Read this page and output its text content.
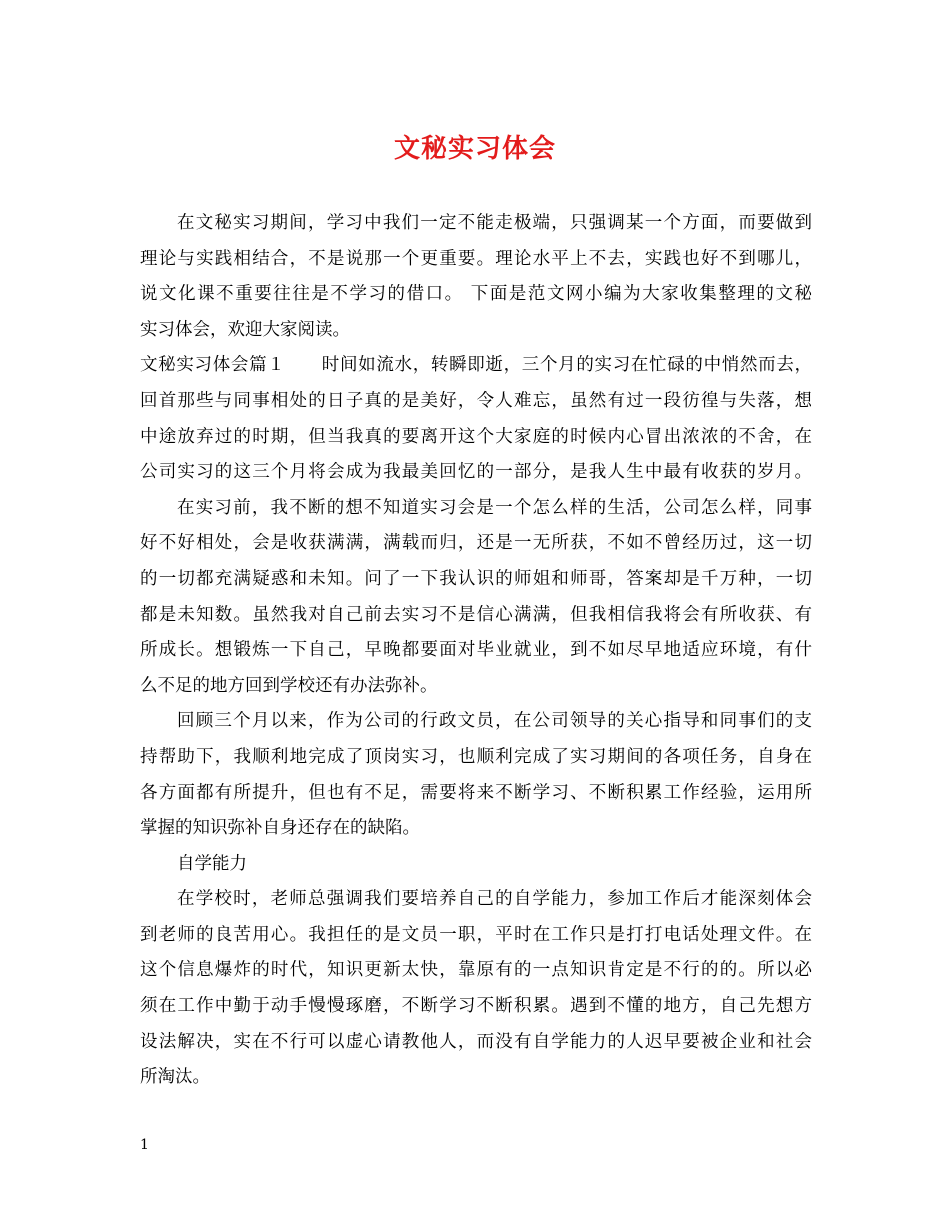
文秘实习体会
在文秘实习期间，学习中我们一定不能走极端，只强调某一个方面，而要做到
理论与实践相结合，不是说那一个更重要。理论水平上不去，实践也好不到哪儿，
说文化课不重要往往是不学习的借口。 下面是范文网小编为大家收集整理的文秘
实习体会，欢迎大家阅读。
文秘实习体会篇１　　时间如流水，转瞬即逝，三个月的实习在忙碌的中悄然而去，
回首那些与同事相处的日子真的是美好，令人难忘，虽然有过一段彷徨与失落，想
中途放弃过的时期，但当我真的要离开这个大家庭的时候内心冒出浓浓的不舍，在
公司实习的这三个月将会成为我最美回忆的一部分，是我人生中最有收获的岁月。
在实习前，我不断的想不知道实习会是一个怎么样的生活，公司怎么样，同事
好不好相处，会是收获满满，满载而归，还是一无所获，不如不曾经历过，这一切
的一切都充满疑惑和未知。问了一下我认识的师姐和师哥，答案却是千万种，一切
都是未知数。虽然我对自己前去实习不是信心满满，但我相信我将会有所收获、有
所成长。想锻炼一下自己，早晚都要面对毕业就业，到不如尽早地适应环境，有什
么不足的地方回到学校还有办法弥补。
回顾三个月以来，作为公司的行政文员，在公司领导的关心指导和同事们的支
持帮助下，我顺利地完成了顶岗实习，也顺利完成了实习期间的各项任务，自身在
各方面都有所提升，但也有不足，需要将来不断学习、不断积累工作经验，运用所
掌握的知识弥补自身还存在的缺陷。
自学能力
在学校时，老师总强调我们要培养自己的自学能力，参加工作后才能深刻体会
到老师的良苦用心。我担任的是文员一职，平时在工作只是打打电话处理文件。在
这个信息爆炸的时代，知识更新太快，靠原有的一点知识肯定是不行的的。所以必
须在工作中勤于动手慢慢琢磨，不断学习不断积累。遇到不懂的地方，自己先想方
设法解决，实在不行可以虚心请教他人，而没有自学能力的人迟早要被企业和社会
所淘汰。
1
